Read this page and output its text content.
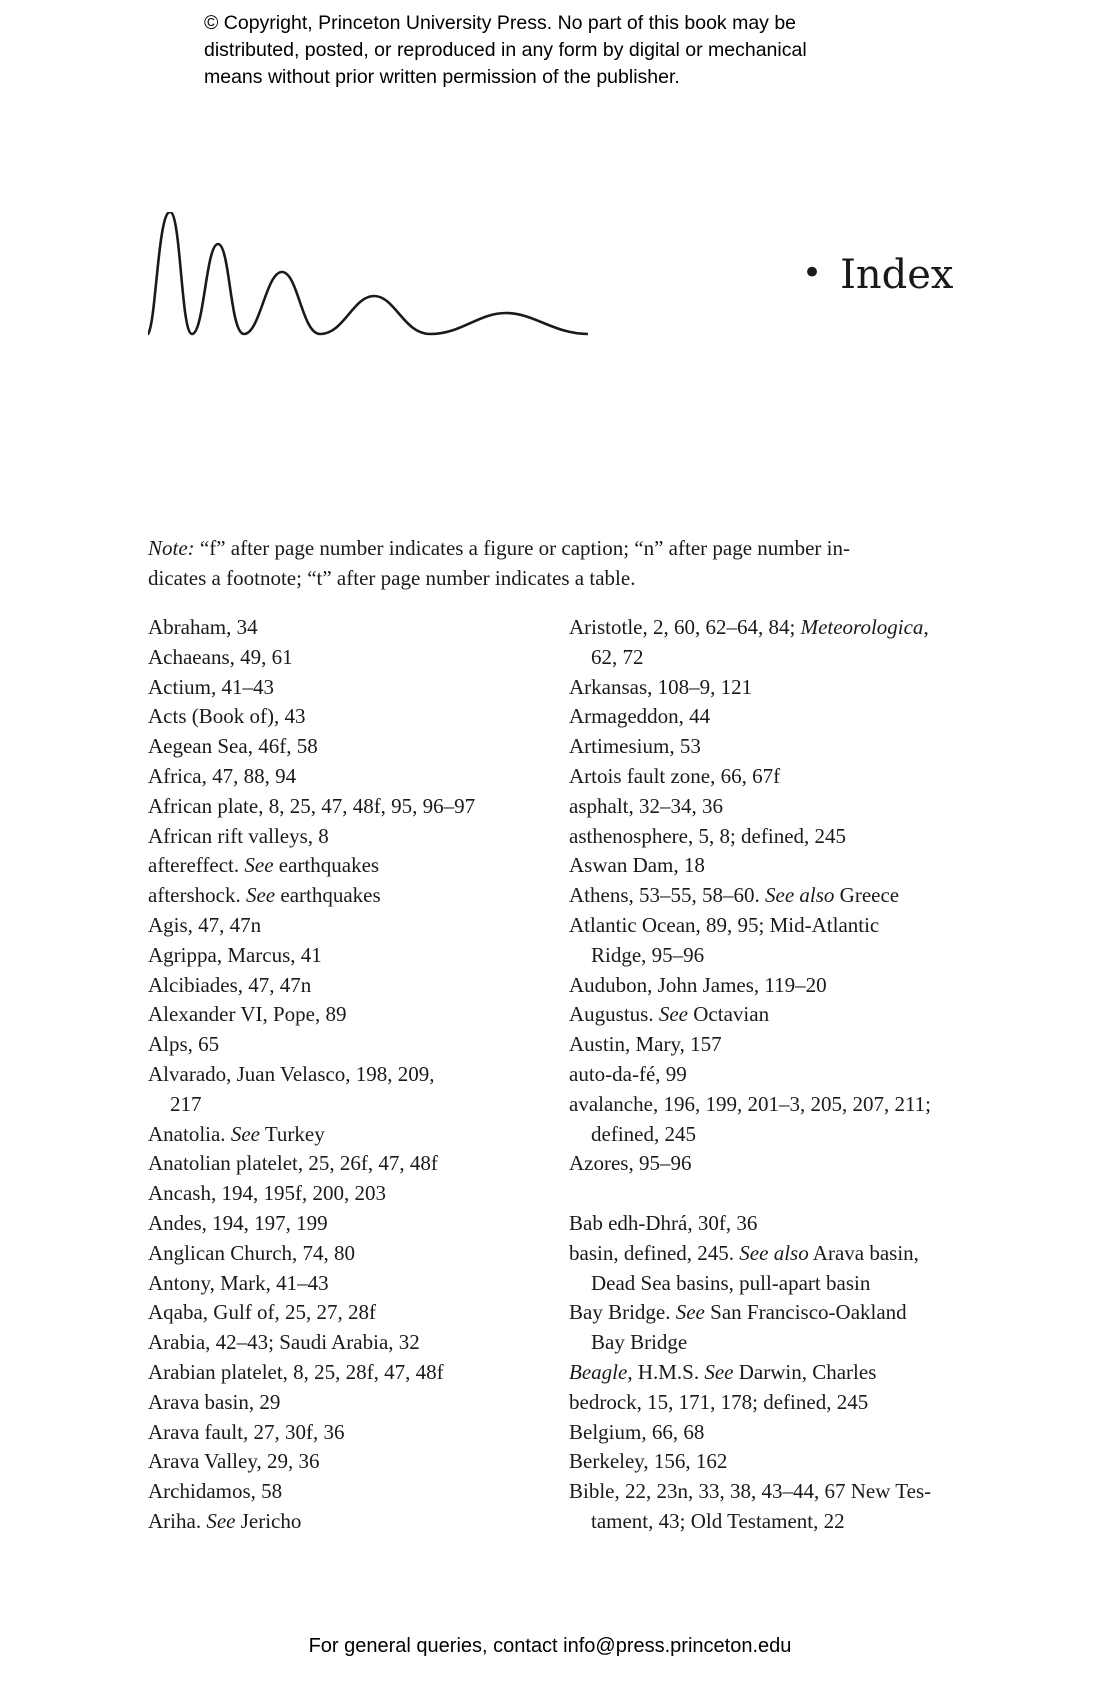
© Copyright, Princeton University Press. No part of this book may be
distributed, posted, or reproduced in any form by digital or mechanical
means without prior written permission of the publisher.
• Index
Note: “f” after page number indicates a figure or caption; “n” after page number in-
dicates a footnote; “t” after page number indicates a table.
Abraham, 34
Achaeans, 49, 61
Actium, 41–43
Acts (Book of), 43
Aegean Sea, 46f, 58
Africa, 47, 88, 94
African plate, 8, 25, 47, 48f, 95, 96–97
African rift valleys, 8
aftereffect. See earthquakes
aftershock. See earthquakes
Agis, 47, 47n
Agrippa, Marcus, 41
Alcibiades, 47, 47n
Alexander VI, Pope, 89
Alps, 65
Alvarado, Juan Velasco, 198, 209,
217
Anatolia. See Turkey
Anatolian platelet, 25, 26f, 47, 48f
Ancash, 194, 195f, 200, 203
Andes, 194, 197, 199
Anglican Church, 74, 80
Antony, Mark, 41–43
Aqaba, Gulf of, 25, 27, 28f
Arabia, 42–43; Saudi Arabia, 32
Arabian platelet, 8, 25, 28f, 47, 48f
Arava basin, 29
Arava fault, 27, 30f, 36
Arava Valley, 29, 36
Archidamos, 58
Ariha. See Jericho
Aristotle, 2, 60, 62–64, 84; Meteorologica,
62, 72
Arkansas, 108–9, 121
Armageddon, 44
Artimesium, 53
Artois fault zone, 66, 67f
asphalt, 32–34, 36
asthenosphere, 5, 8; defined, 245
Aswan Dam, 18
Athens, 53–55, 58–60. See also Greece
Atlantic Ocean, 89, 95; Mid-Atlantic
Ridge, 95–96
Audubon, John James, 119–20
Augustus. See Octavian
Austin, Mary, 157
auto-da-fé, 99
avalanche, 196, 199, 201–3, 205, 207, 211;
defined, 245
Azores, 95–96
Bab edh-Dhrá, 30f, 36
basin, defined, 245. See also Arava basin,
Dead Sea basins, pull-apart basin
Bay Bridge. See San Francisco-Oakland
Bay Bridge
Beagle, H.M.S. See Darwin, Charles
bedrock, 15, 171, 178; defined, 245
Belgium, 66, 68
Berkeley, 156, 162
Bible, 22, 23n, 33, 38, 43–44, 67 New Tes-
tament, 43; Old Testament, 22
For general queries, contact info@press.princeton.edu
